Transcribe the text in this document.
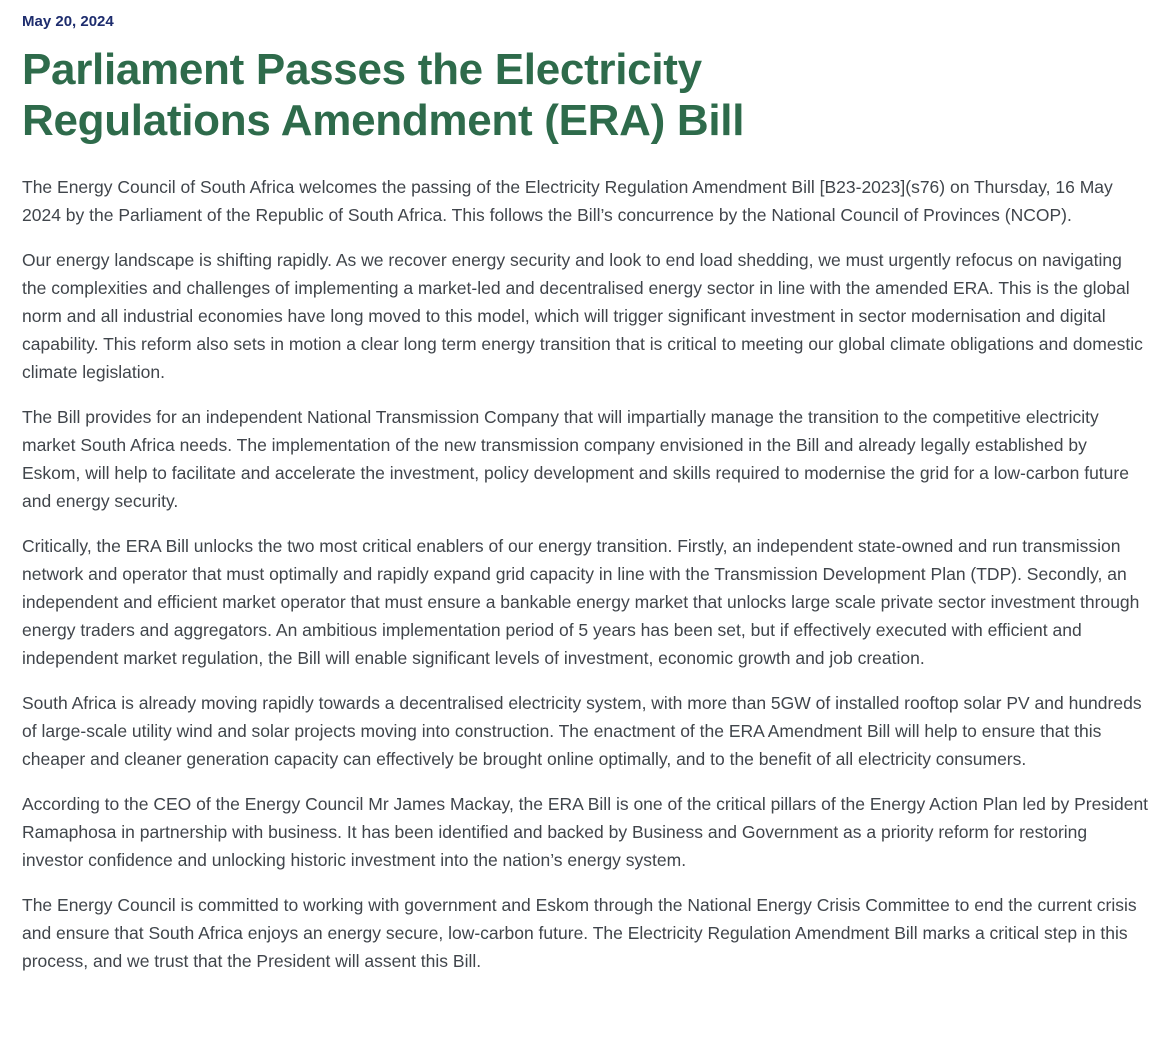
May 20, 2024
Parliament Passes the Electricity Regulations Amendment (ERA) Bill

The Energy Council of South Africa welcomes the passing of the Electricity Regulation Amendment Bill [B23-2023](s76) on Thursday, 16 May 2024 by the Parliament of the Republic of South Africa. This follows the Bill’s concurrence by the National Council of Provinces (NCOP).

Our energy landscape is shifting rapidly. As we recover energy security and look to end load shedding, we must urgently refocus on navigating the complexities and challenges of implementing a market-led and decentralised energy sector in line with the amended ERA. This is the global norm and all industrial economies have long moved to this model, which will trigger significant investment in sector modernisation and digital capability. This reform also sets in motion a clear long term energy transition that is critical to meeting our global climate obligations and domestic climate legislation.

The Bill provides for an independent National Transmission Company that will impartially manage the transition to the competitive electricity market South Africa needs. The implementation of the new transmission company envisioned in the Bill and already legally established by Eskom, will help to facilitate and accelerate the investment, policy development and skills required to modernise the grid for a low-carbon future and energy security.

Critically, the ERA Bill unlocks the two most critical enablers of our energy transition. Firstly, an independent state-owned and run transmission network and operator that must optimally and rapidly expand grid capacity in line with the Transmission Development Plan (TDP). Secondly, an independent and efficient market operator that must ensure a bankable energy market that unlocks large scale private sector investment through energy traders and aggregators. An ambitious implementation period of 5 years has been set, but if effectively executed with efficient and independent market regulation, the Bill will enable significant levels of investment, economic growth and job creation.

South Africa is already moving rapidly towards a decentralised electricity system, with more than 5GW of installed rooftop solar PV and hundreds of large-scale utility wind and solar projects moving into construction. The enactment of the ERA Amendment Bill will help to ensure that this cheaper and cleaner generation capacity can effectively be brought online optimally, and to the benefit of all electricity consumers.

According to the CEO of the Energy Council Mr James Mackay, the ERA Bill is one of the critical pillars of the Energy Action Plan led by President Ramaphosa in partnership with business. It has been identified and backed by Business and Government as a priority reform for restoring investor confidence and unlocking historic investment into the nation’s energy system.

The Energy Council is committed to working with government and Eskom through the National Energy Crisis Committee to end the current crisis and ensure that South Africa enjoys an energy secure, low-carbon future. The Electricity Regulation Amendment Bill marks a critical step in this process, and we trust that the President will assent this Bill.
